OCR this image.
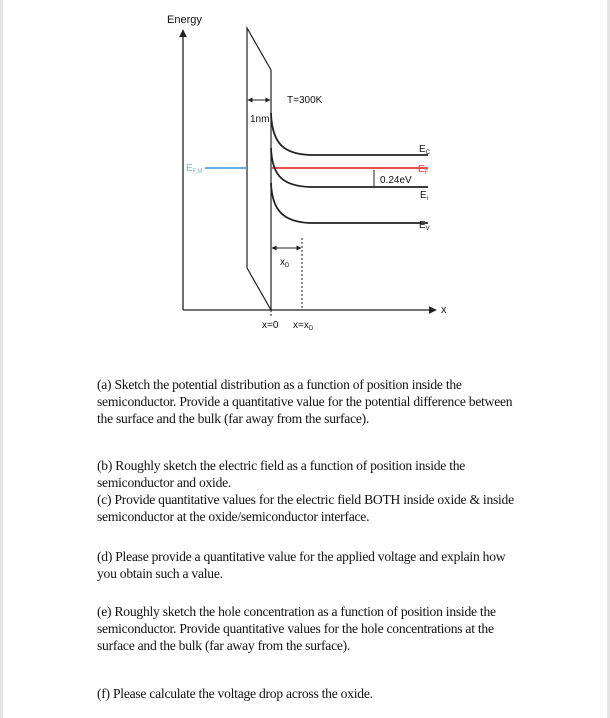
Energy
x
1nm
T=300K
$E_{F,M}$	$E_F$
$E_C$
$E_i$
$E_V$
0.24eV
$x_D$
x=0 $x=x_D$

(a) Sketch the potential distribution as a function of position inside the semiconductor. Provide a quantitative value for the potential difference between the surface and the bulk (far away from the surface).

(b) Roughly sketch the electric field as a function of position inside the semiconductor and oxide.

(c) Provide quantitative values for the electric field BOTH inside oxide & inside semiconductor at the oxide/semiconductor interface.

(d) Please provide a quantitative value for the applied voltage and explain how you obtain such a value.

(e) Roughly sketch the hole concentration as a function of position inside the semiconductor. Provide quantitative values for the hole concentrations at the surface and the bulk (far away from the surface).

(f) Please calculate the voltage drop across the oxide.
